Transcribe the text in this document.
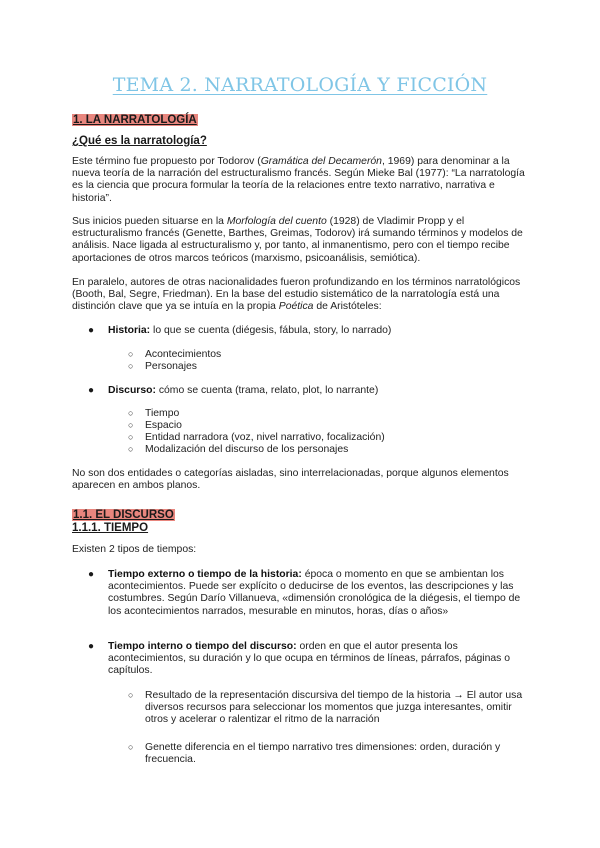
TEMA 2. NARRATOLOGÍA Y FICCIÓN
1. LA NARRATOLOGÍA
¿Qué es la narratología?

Este término fue propuesto por Todorov (Gramática del Decamerón, 1969) para denominar a la nueva teoría de la narración del estructuralismo francés. Según Mieke Bal (1977): “La narratología es la ciencia que procura formular la teoría de la relaciones entre texto narrativo, narrativa e historia”.

Sus inicios pueden situarse en la Morfología del cuento (1928) de Vladimir Propp y el estructuralismo francés (Genette, Barthes, Greimas, Todorov) irá sumando términos y modelos de análisis. Nace ligada al estructuralismo y, por tanto, al inmanentismo, pero con el tiempo recibe aportaciones de otros marcos teóricos (marxismo, psicoanálisis, semiótica).

En paralelo, autores de otras nacionalidades fueron profundizando en los términos narratológicos (Booth, Bal, Segre, Friedman). En la base del estudio sistemático de la narratología está una distinción clave que ya se intuía en la propia Poética de Aristóteles:

● Historia: lo que se cuenta (diégesis, fábula, story, lo narrado)
○ Acontecimientos
○ Personajes
● Discurso: cómo se cuenta (trama, relato, plot, lo narrante)
○ Tiempo
○ Espacio
○ Entidad narradora (voz, nivel narrativo, focalización)
○ Modalización del discurso de los personajes

No son dos entidades o categorías aisladas, sino interrelacionadas, porque algunos elementos aparecen en ambos planos.

1.1. EL DISCURSO
1.1.1. TIEMPO

Existen 2 tipos de tiempos:

● Tiempo externo o tiempo de la historia: época o momento en que se ambientan los acontecimientos. Puede ser explícito o deducirse de los eventos, las descripciones y las costumbres. Según Darío Villanueva, «dimensión cronológica de la diégesis, el tiempo de los acontecimientos narrados, mesurable en minutos, horas, días o años»
● Tiempo interno o tiempo del discurso: orden en que el autor presenta los acontecimientos, su duración y lo que ocupa en términos de líneas, párrafos, páginas o capítulos.
○ Resultado de la representación discursiva del tiempo de la historia → El autor usa diversos recursos para seleccionar los momentos que juzga interesantes, omitir otros y acelerar o ralentizar el ritmo de la narración
○ Genette diferencia en el tiempo narrativo tres dimensiones: orden, duración y frecuencia.
